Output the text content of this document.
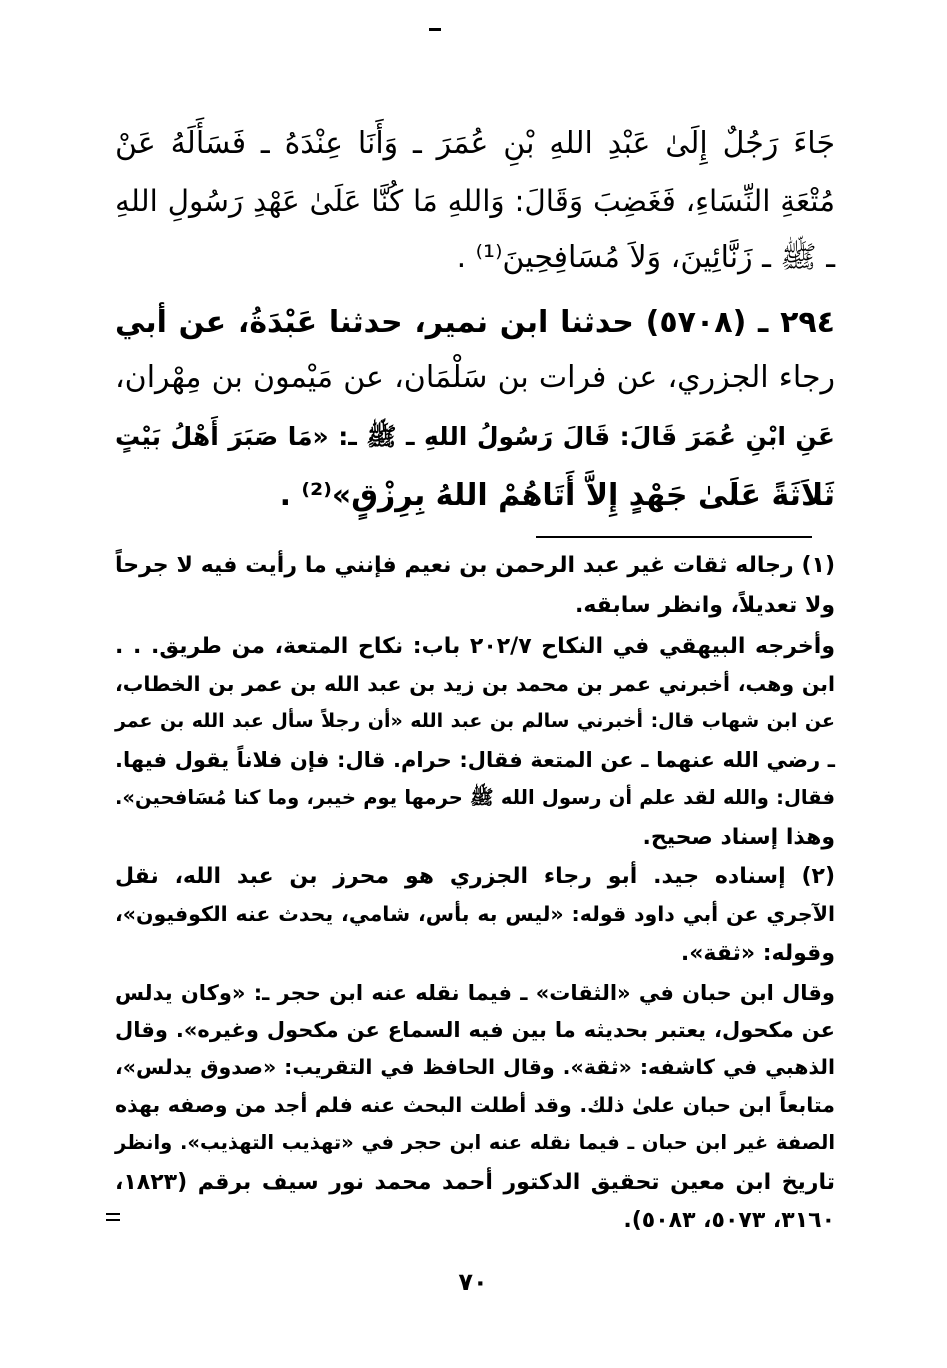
جَاءَ رَجُلٌ إِلَىٰ عَبْدِ اللهِ بْنِ عُمَرَ ـ وَأَنَا عِنْدَهُ ـ فَسَأَلَهُ عَنْ
مُتْعَةِ النِّسَاءِ، فَغَضِبَ وَقَالَ: وَاللهِ مَا كُنَّا عَلَىٰ عَهْدِ رَسُولِ اللهِ
ـ ﷺ ـ زَنَّائِينَ، وَلاَ مُسَافِحِينَ⁽¹⁾ .
٢٩٤ ـ (٥٧٠٨) حدثنا ابن نمير، حدثنا عَبْدَةُ، عن أبي
رجاء الجزري، عن فرات بن سَلْمَان، عن مَيْمون بن مِهْران،
عَنِ ابْنِ عُمَرَ قَالَ: قَالَ رَسُولُ اللهِ ـ ﷺ ـ: «مَا صَبَرَ أَهْلُ بَيْتٍ
ثَلاَثَةً عَلَىٰ جَهْدٍ إِلاَّ أَتَاهُمْ اللهُ بِرِزْقٍ»⁽²⁾ .
(١) رجاله ثقات غير عبد الرحمن بن نعيم فإنني ما رأيت فيه لا جرحاً
ولا تعديلاً، وانظر سابقه.
وأخرجه البيهقي في النكاح ٢٠٢/٧ باب: نكاح المتعة، من طريق. . .
ابن وهب، أخبرني عمر بن محمد بن زيد بن عبد الله بن عمر بن الخطاب،
عن ابن شهاب قال: أخبرني سالم بن عبد الله «أن رجلاً سأل عبد الله بن عمر
ـ رضي الله عنهما ـ عن المتعة فقال: حرام. قال: فإن فلاناً يقول فيها.
فقال: والله لقد علم أن رسول الله ﷺ حرمها يوم خيبر، وما كنا مُسَافحين».
وهذا إسناد صحيح.
(٢) إسناده جيد. أبو رجاء الجزري هو محرز بن عبد الله، نقل
الآجري عن أبي داود قوله: «ليس به بأس، شامي، يحدث عنه الكوفيون»،
وقوله: «ثقة».
وقال ابن حبان في «الثقات» ـ فيما نقله عنه ابن حجر ـ: «وكان يدلس
عن مكحول، يعتبر بحديثه ما بين فيه السماع عن مكحول وغيره». وقال
الذهبي في كاشفه: «ثقة». وقال الحافظ في التقريب: «صدوق يدلس»،
متابعاً ابن حبان علىٰ ذلك. وقد أطلت البحث عنه فلم أجد من وصفه بهذه
الصفة غير ابن حبان ـ فيما نقله عنه ابن حجر في «تهذيب التهذيب». وانظر
تاريخ ابن معين تحقيق الدكتور أحمد محمد نور سيف برقم (١٨٢٣،
٣١٦٠، ٥٠٧٣، ٥٠٨٣).
٧٠
